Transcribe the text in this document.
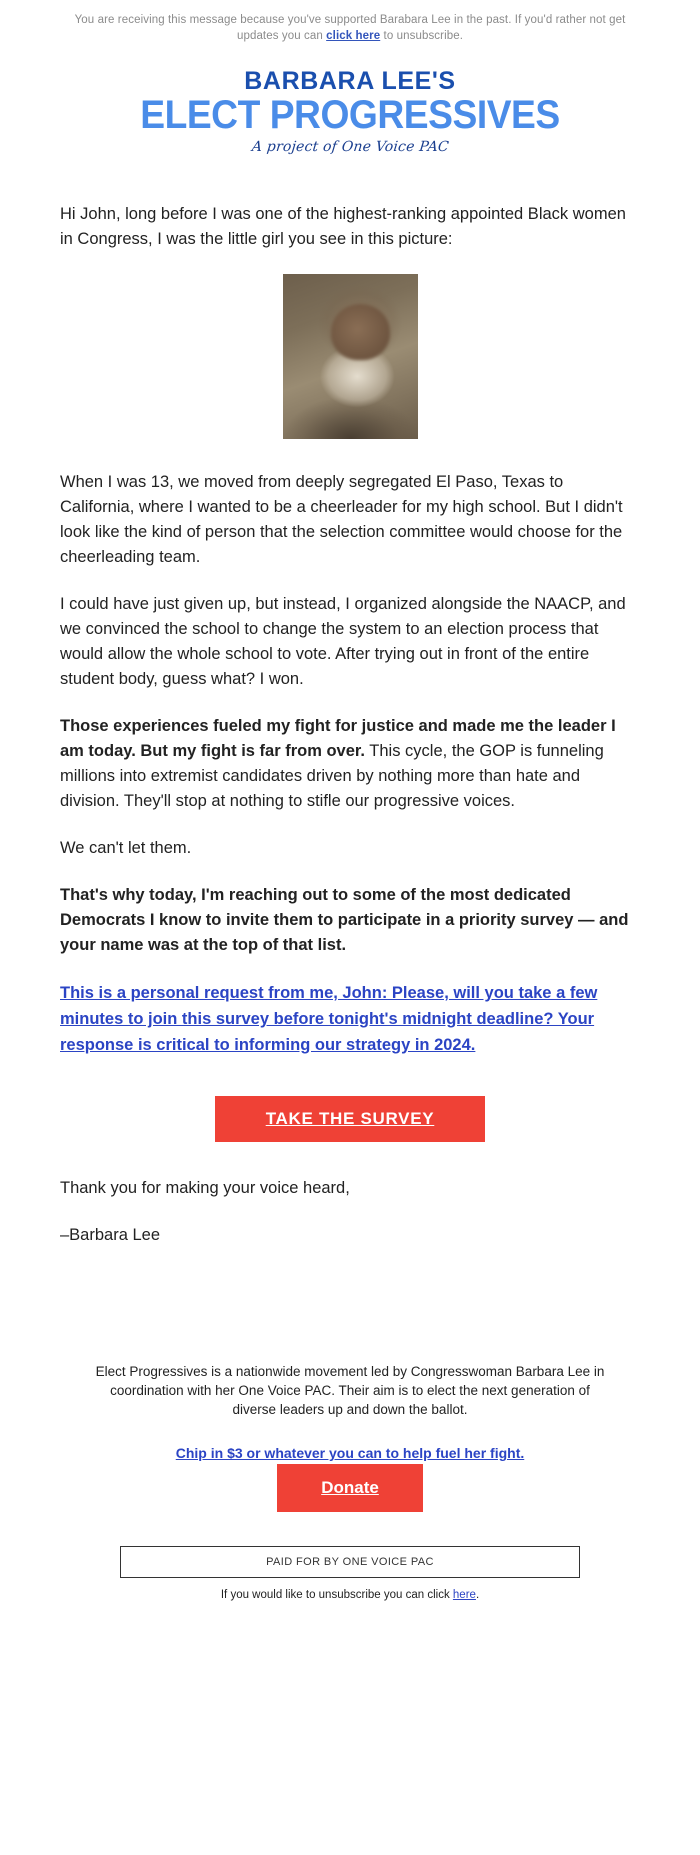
You are receiving this message because you've supported Barabara Lee in the past. If you'd rather not get updates you can click here to unsubscribe.
BARBARA LEE'S
ELECT PROGRESSIVES
A project of One Voice PAC

Hi John, long before I was one of the highest-ranking appointed Black women in Congress, I was the little girl you see in this picture:

When I was 13, we moved from deeply segregated El Paso, Texas to California, where I wanted to be a cheerleader for my high school. But I didn't look like the kind of person that the selection committee would choose for the cheerleading team.

I could have just given up, but instead, I organized alongside the NAACP, and we convinced the school to change the system to an election process that would allow the whole school to vote. After trying out in front of the entire student body, guess what? I won.

Those experiences fueled my fight for justice and made me the leader I am today. But my fight is far from over. This cycle, the GOP is funneling millions into extremist candidates driven by nothing more than hate and division. They'll stop at nothing to stifle our progressive voices.

We can't let them.

That's why today, I'm reaching out to some of the most dedicated Democrats I know to invite them to participate in a priority survey — and your name was at the top of that list.

This is a personal request from me, John: Please, will you take a few minutes to join this survey before tonight's midnight deadline? Your response is critical to informing our strategy in 2024.

TAKE THE SURVEY

Thank you for making your voice heard,

–Barbara Lee

Elect Progressives is a nationwide movement led by Congresswoman Barbara Lee in coordination with her One Voice PAC. Their aim is to elect the next generation of diverse leaders up and down the ballot.

Chip in $3 or whatever you can to help fuel her fight.
Donate
PAID FOR BY ONE VOICE PAC
If you would like to unsubscribe you can click here.
